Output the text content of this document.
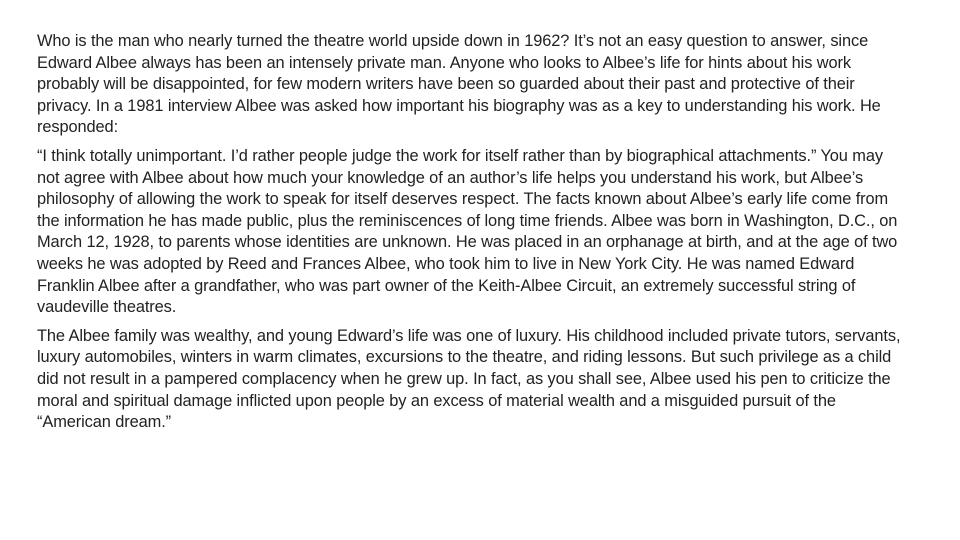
Who is the man who nearly turned the theatre world upside down in 1962? It’s not an easy question to answer, since Edward Albee always has been an intensely private man. Anyone who looks to Albee’s life for hints about his work probably will be disappointed, for few modern writers have been so guarded about their past and protective of their privacy. In a 1981 interview Albee was asked how important his biography was as a key to understanding his work. He responded:

“I think totally unimportant. I’d rather people judge the work for itself rather than by biographical attachments.” You may not agree with Albee about how much your knowledge of an author’s life helps you understand his work, but Albee’s philosophy of allowing the work to speak for itself deserves respect. The facts known about Albee’s early life come from the information he has made public, plus the reminiscences of long time friends. Albee was born in Washington, D.C., on March 12, 1928, to parents whose identities are unknown. He was placed in an orphanage at birth, and at the age of two weeks he was adopted by Reed and Frances Albee, who took him to live in New York City. He was named Edward Franklin Albee after a grandfather, who was part owner of the Keith-Albee Circuit, an extremely successful string of vaudeville theatres.

The Albee family was wealthy, and young Edward’s life was one of luxury. His childhood included private tutors, servants, luxury automobiles, winters in warm climates, excursions to the theatre, and riding lessons. But such privilege as a child did not result in a pampered complacency when he grew up. In fact, as you shall see, Albee used his pen to criticize the moral and spiritual damage inflicted upon people by an excess of material wealth and a misguided pursuit of the “American dream.”
